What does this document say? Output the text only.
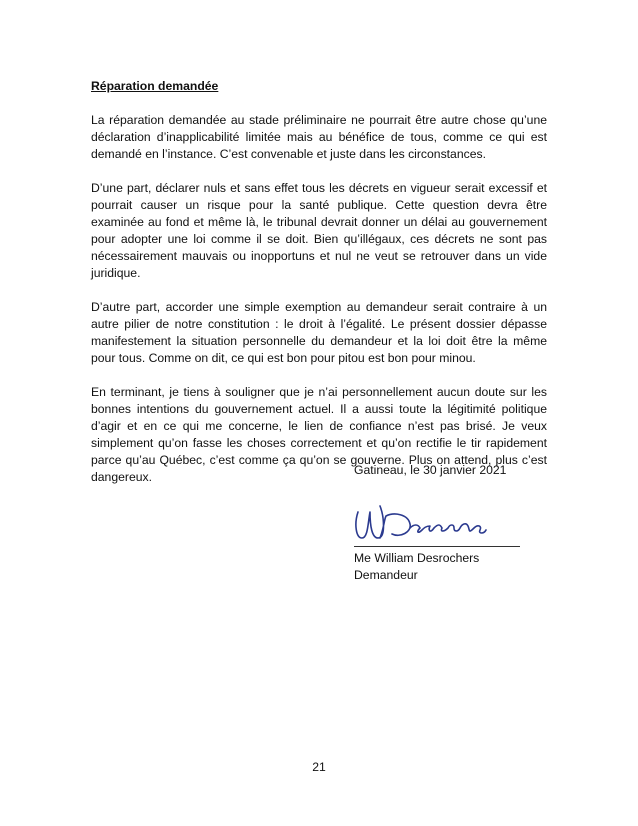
Réparation demandée

La réparation demandée au stade préliminaire ne pourrait être autre chose qu’une déclaration d’inapplicabilité limitée mais au bénéfice de tous, comme ce qui est demandé en l’instance. C’est convenable et juste dans les circonstances.

D’une part, déclarer nuls et sans effet tous les décrets en vigueur serait excessif et pourrait causer un risque pour la santé publique. Cette question devra être examinée au fond et même là, le tribunal devrait donner un délai au gouvernement pour adopter une loi comme il se doit. Bien qu’illégaux, ces décrets ne sont pas nécessairement mauvais ou inopportuns et nul ne veut se retrouver dans un vide juridique.

D’autre part, accorder une simple exemption au demandeur serait contraire à un autre pilier de notre constitution : le droit à l’égalité. Le présent dossier dépasse manifestement la situation personnelle du demandeur et la loi doit être la même pour tous. Comme on dit, ce qui est bon pour pitou est bon pour minou.

En terminant, je tiens à souligner que je n’ai personnellement aucun doute sur les bonnes intentions du gouvernement actuel. Il a aussi toute la légitimité politique d’agir et en ce qui me concerne, le lien de confiance n’est pas brisé. Je veux simplement qu’on fasse les choses correctement et qu’on rectifie le tir rapidement parce qu’au Québec, c’est comme ça qu’on se gouverne. Plus on attend, plus c’est dangereux.	Gatineau, le 30 janvier 2021

Me William Desrochers
Demandeur
21
